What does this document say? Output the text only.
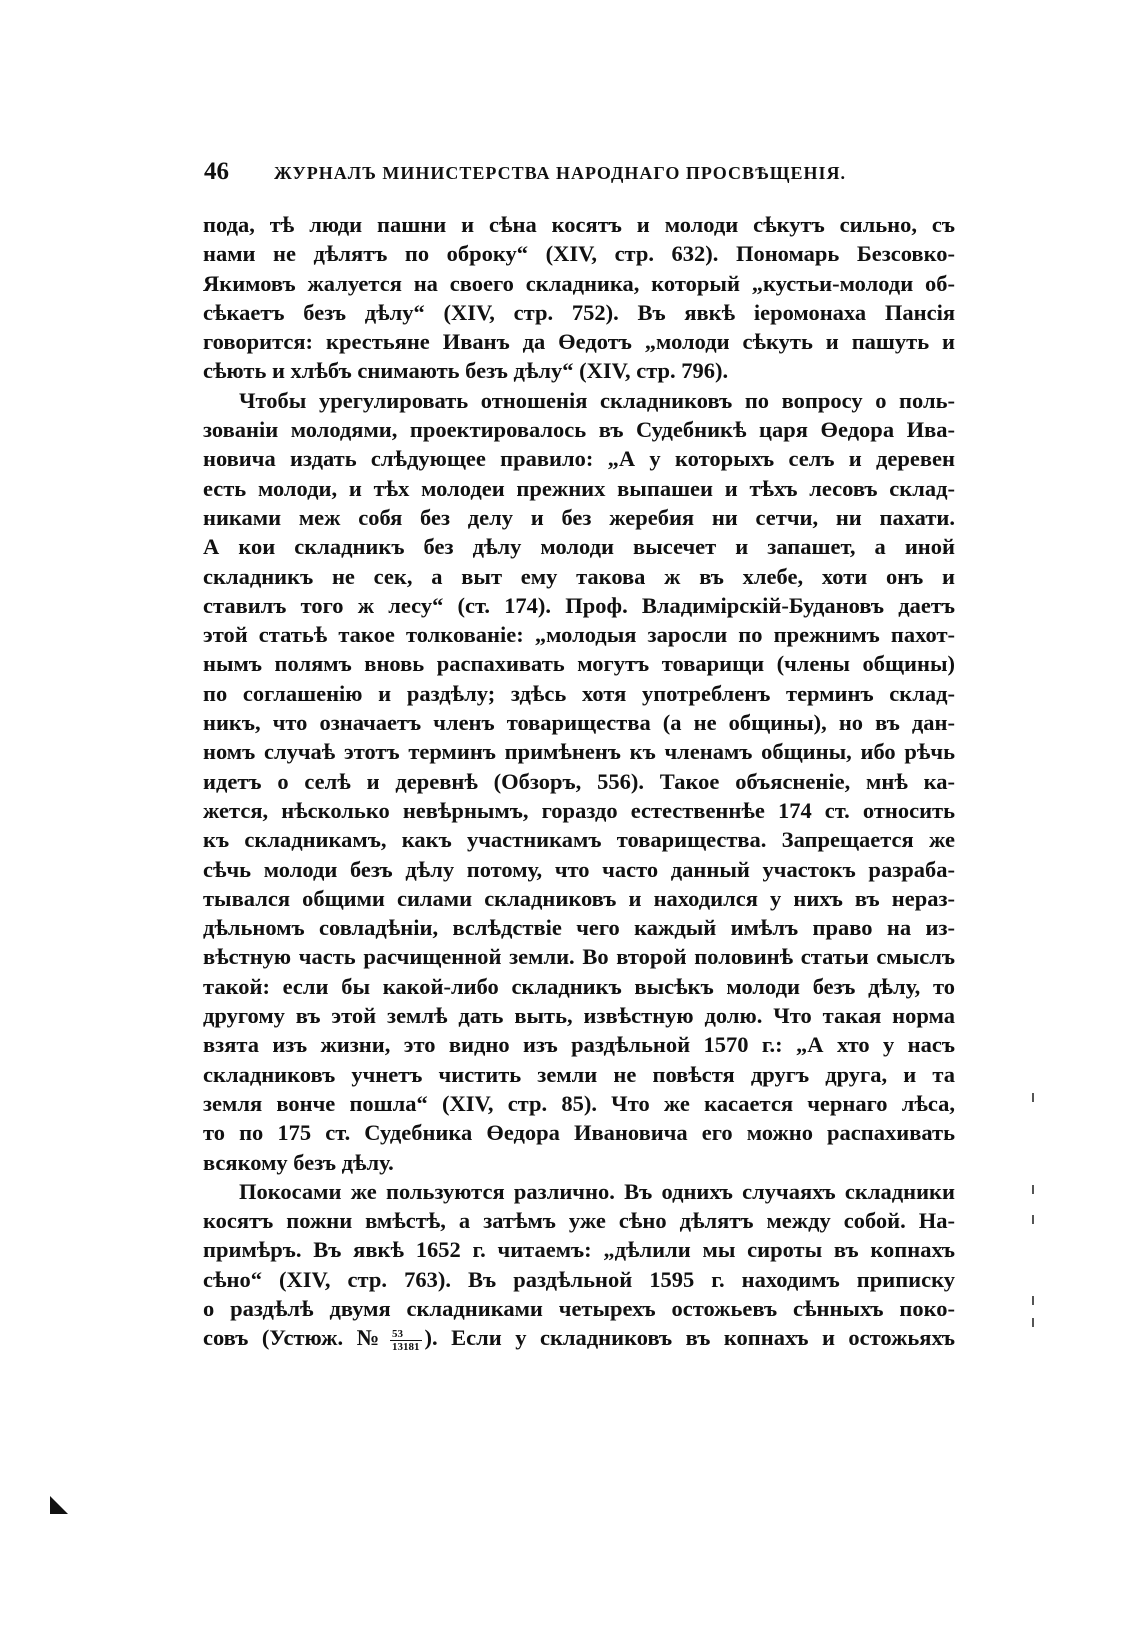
46	ЖУРНАЛЪ МИНИСТЕРСТВА НАРОДНАГО ПРОСВѢЩЕНІЯ.
пода, тѣ люди пашни и сѣна косятъ и молоди сѣкутъ сильно, съ
нами не дѣлятъ по оброку“ (XIV, стр. 632). Пономарь Безсовко-
Якимовъ жалуется на своего складника, который „кустьи-молоди об-
сѣкаетъ безъ дѣлу“ (XIV, стр. 752). Въ явкѣ іеромонаха Пансія
говорится: крестьяне Иванъ да Өедотъ „молоди сѣкуть и пашуть и
сѣють и хлѣбъ снимають безъ дѣлу“ (XIV, стр. 796).
Чтобы урегулировать отношенія складниковъ по вопросу о поль-
зованіи молодями, проектировалось въ Судебникѣ царя Өедора Ива-
новича издать слѣдующее правило: „А у которыхъ селъ и деревен
есть молоди, и тѣх молодеи прежних выпашеи и тѣхъ лесовъ склад-
никами меж собя без делу и без жеребия ни сетчи, ни пахати.
А кои складникъ без дѣлу молоди высечет и запашет, а иной
складникъ не сек, а выт ему такова ж въ хлебе, хоти онъ и
ставилъ того ж лесу“ (ст. 174). Проф. Владимірскій-Будановъ даетъ
этой статьѣ такое толкованіе: „молодыя заросли по прежнимъ пахот-
нымъ полямъ вновь распахивать могутъ товарищи (члены общины)
по соглашенію и раздѣлу; здѣсь хотя употребленъ терминъ склад-
никъ, что означаетъ членъ товарищества (а не общины), но въ дан-
номъ случаѣ этотъ терминъ примѣненъ къ членамъ общины, ибо рѣчь
идетъ о селѣ и деревнѣ (Обзоръ, 556). Такое объясненіе, мнѣ ка-
жется, нѣсколько невѣрнымъ, гораздо естественнѣе 174 ст. относить
къ складникамъ, какъ участникамъ товарищества. Запрещается же
сѣчь молоди безъ дѣлу потому, что часто данный участокъ разраба-
тывался общими силами складниковъ и находился у нихъ въ нераз-
дѣльномъ совладѣніи, вслѣдствіе чего каждый имѣлъ право на из-
вѣстную часть расчищенной земли. Во второй половинѣ статьи смыслъ
такой: если бы какой-либо складникъ высѣкъ молоди безъ дѣлу, то
другому въ этой землѣ дать выть, извѣстную долю. Что такая норма
взята изъ жизни, это видно изъ раздѣльной 1570 г.: „А хто у насъ
складниковъ учнетъ чистить земли не повѣстя другъ друга, и та
земля вонче пошла“ (XIV, стр. 85). Что же касается чернаго лѣса,
то по 175 ст. Судебника Өедора Ивановича его можно распахивать
всякому безъ дѣлу.
Покосами же пользуются различно. Въ однихъ случаяхъ складники
косятъ пожни вмѣстѣ, а затѣмъ уже сѣно дѣлятъ между собой. На-
примѣръ. Въ явкѣ 1652 г. читаемъ: „дѣлили мы сироты въ копнахъ
сѣно“ (XIV, стр. 763). Въ раздѣльной 1595 г. находимъ приписку
о раздѣлѣ двумя складниками четырехъ остожьевъ сѣнныхъ поко-
совъ (Устюж. № $\frac{53}{13181}$ ). Если у складниковъ въ копнахъ и остожьяхъ
